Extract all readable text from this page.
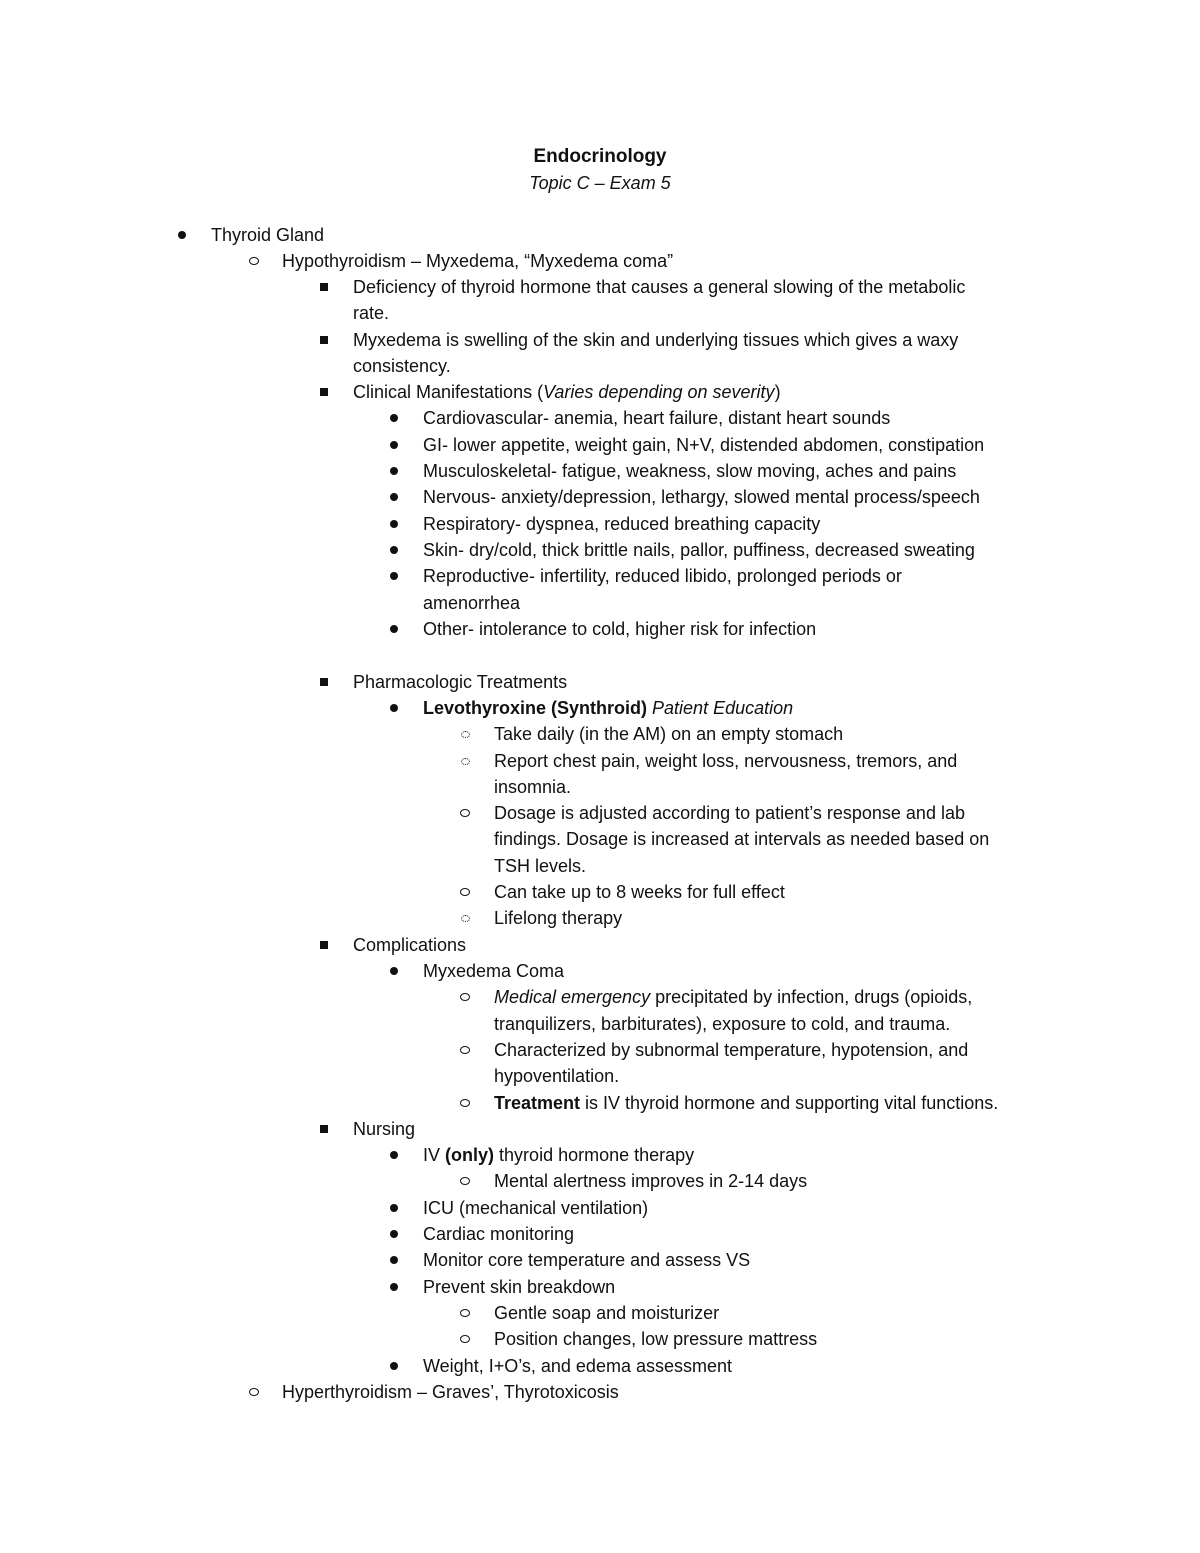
Endocrinology
Topic C – Exam 5
Thyroid Gland
Hypothyroidism – Myxedema, “Myxedema coma”
Deficiency of thyroid hormone that causes a general slowing of the metabolic
rate.
Myxedema is swelling of the skin and underlying tissues which gives a waxy
consistency.
Clinical Manifestations (Varies depending on severity)
Cardiovascular- anemia, heart failure, distant heart sounds
GI- lower appetite, weight gain, N+V, distended abdomen, constipation
Musculoskeletal- fatigue, weakness, slow moving, aches and pains
Nervous- anxiety/depression, lethargy, slowed mental process/speech
Respiratory- dyspnea, reduced breathing capacity
Skin- dry/cold, thick brittle nails, pallor, puffiness, decreased sweating
Reproductive- infertility, reduced libido, prolonged periods or
amenorrhea
Other- intolerance to cold, higher risk for infection
Pharmacologic Treatments
Levothyroxine (Synthroid) Patient Education
Take daily (in the AM) on an empty stomach
Report chest pain, weight loss, nervousness, tremors, and
insomnia.
Dosage is adjusted according to patient’s response and lab
findings. Dosage is increased at intervals as needed based on
TSH levels.
Can take up to 8 weeks for full effect
Lifelong therapy
Complications
Myxedema Coma
Medical emergency precipitated by infection, drugs (opioids,
tranquilizers, barbiturates), exposure to cold, and trauma.
Characterized by subnormal temperature, hypotension, and
hypoventilation.
Treatment is IV thyroid hormone and supporting vital functions.
Nursing
IV (only) thyroid hormone therapy
Mental alertness improves in 2-14 days
ICU (mechanical ventilation)
Cardiac monitoring
Monitor core temperature and assess VS
Prevent skin breakdown
Gentle soap and moisturizer
Position changes, low pressure mattress
Weight, I+O’s, and edema assessment
Hyperthyroidism – Graves’, Thyrotoxicosis
